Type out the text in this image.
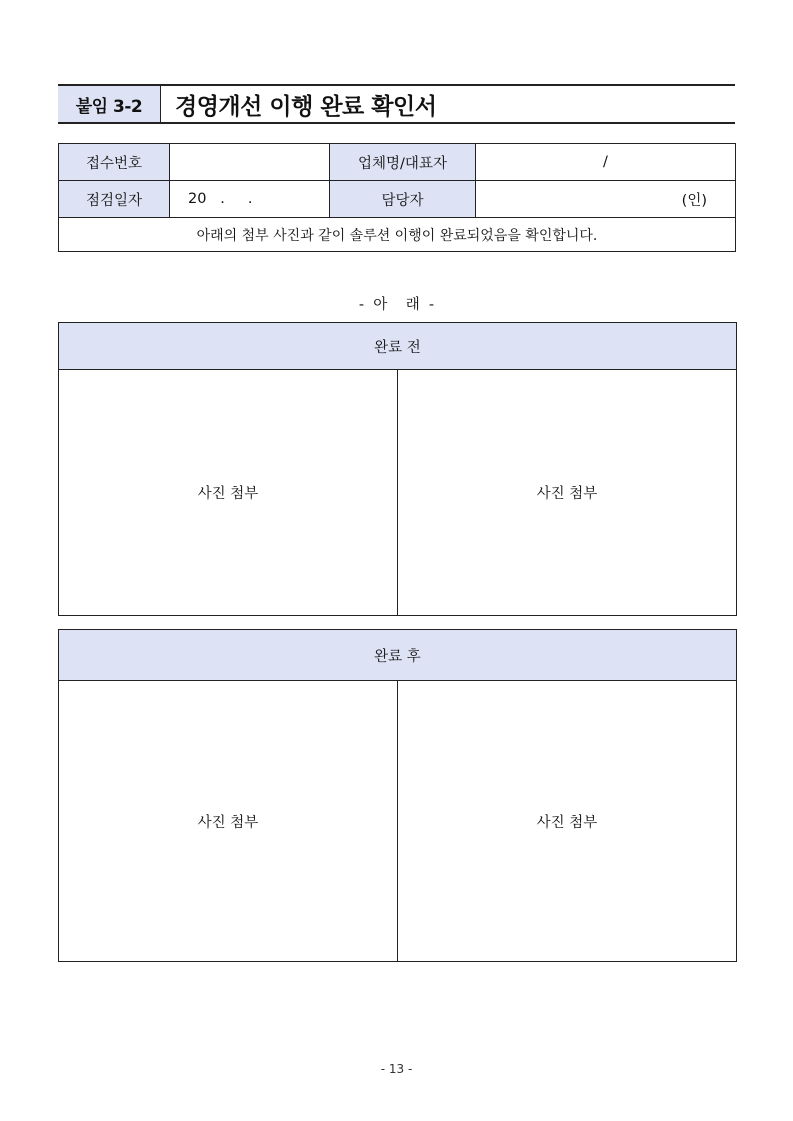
붙임 3-2	경영개선 이행 완료 확인서
접수번호		업체명/대표자	/
점검일자	20   .     .	담당자	(인)
아래의 첨부 사진과 같이 솔루션 이행이 완료되었음을 확인합니다.			
-  아    래  -
완료 전
사진 첨부	사진 첨부
완료 후
사진 첨부	사진 첨부
- 13 -
